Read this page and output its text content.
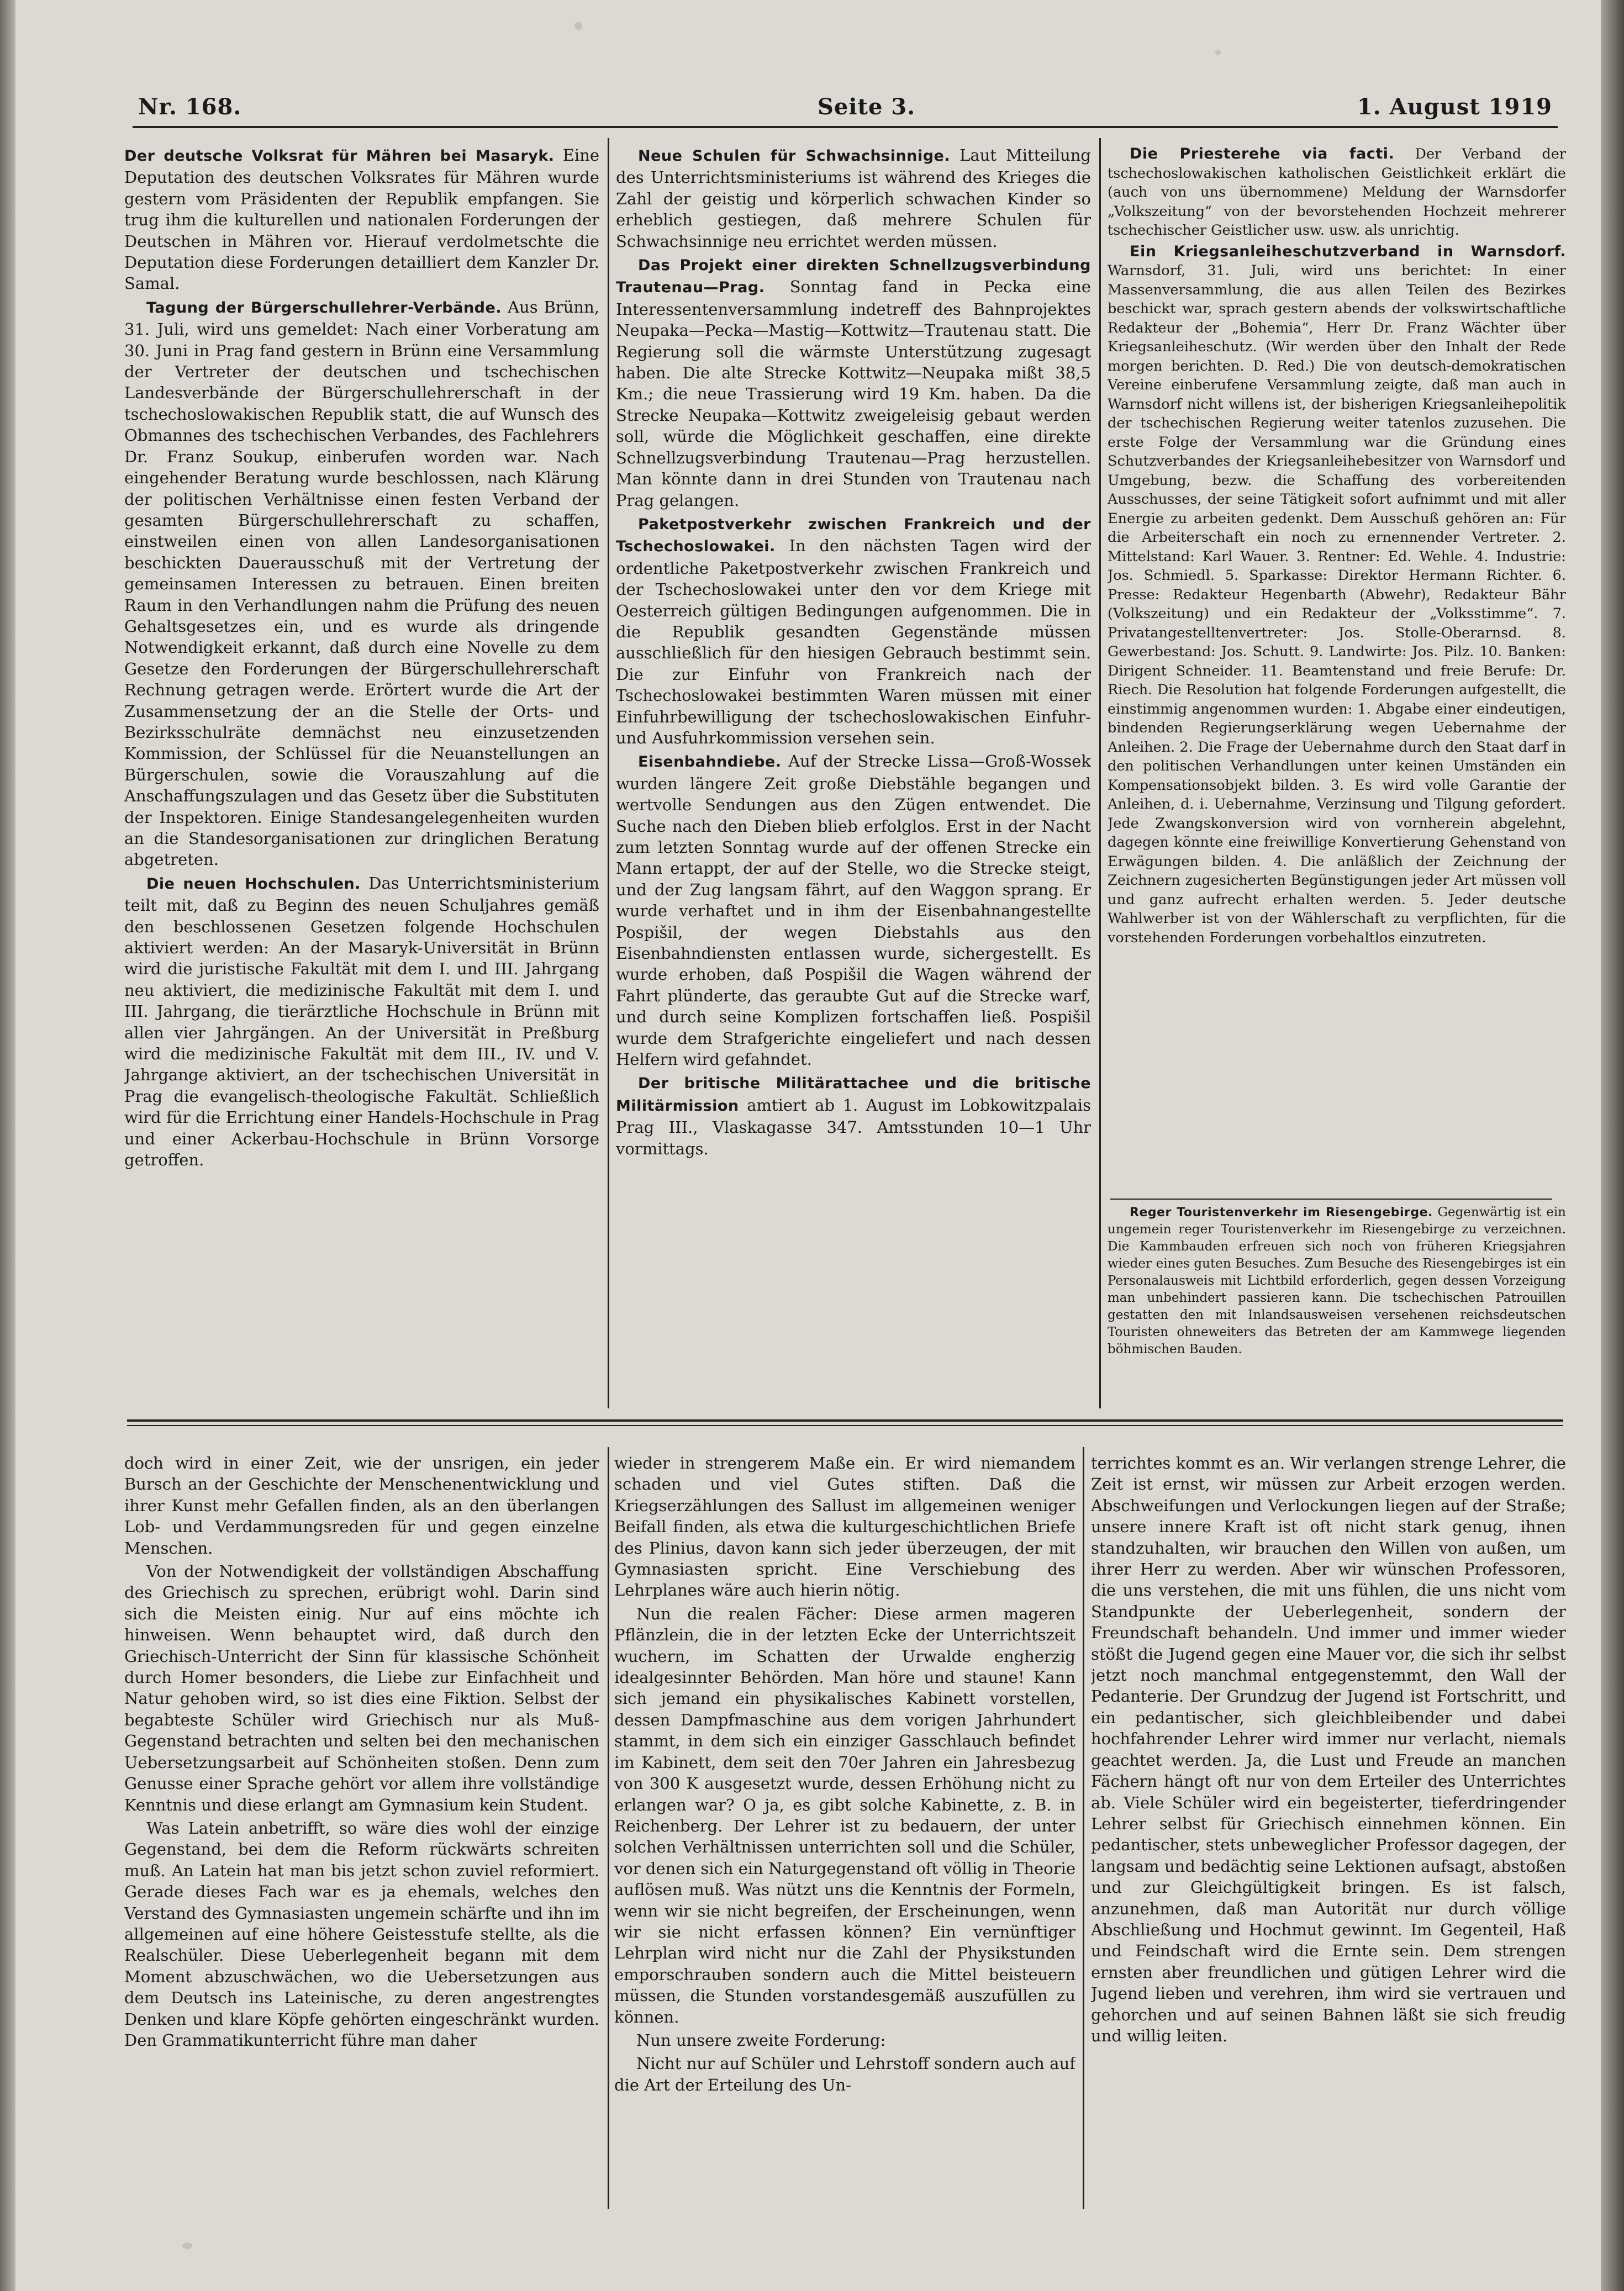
Nr. 168.	Seite 3.	1. August 1919

Der deutsche Volksrat für Mähren bei Masaryk. Eine Deputation des deutschen Volksrates für Mähren wurde gestern vom Präsidenten der Republik empfangen. Sie trug ihm die kulturellen und nationalen Forderungen der Deutschen in Mähren vor. Hierauf verdolmetschte die Deputation diese Forderungen detailliert dem Kanzler Dr. Samal.

Tagung der Bürgerschullehrer-Verbände. Aus Brünn, 31. Juli, wird uns gemeldet: Nach einer Vorberatung am 30. Juni in Prag fand gestern in Brünn eine Versammlung der Vertreter der deutschen und tschechischen Landesverbände der Bürgerschullehrerschaft in der tschechoslowakischen Republik statt, die auf Wunsch des Obmannes des tschechischen Verbandes, des Fachlehrers Dr. Franz Soukup, einberufen worden war. Nach eingehender Beratung wurde beschlossen, nach Klärung der politischen Verhältnisse einen festen Verband der gesamten Bürgerschullehrerschaft zu schaffen, einstweilen einen von allen Landesorganisationen beschickten Dauerausschuß mit der Vertretung der gemeinsamen Interessen zu betrauen. Einen breiten Raum in den Verhandlungen nahm die Prüfung des neuen Gehaltsgesetzes ein, und es wurde als dringende Notwendigkeit erkannt, daß durch eine Novelle zu dem Gesetze den Forderungen der Bürgerschullehrerschaft Rechnung getragen werde. Erörtert wurde die Art der Zusammensetzung der an die Stelle der Orts- und Bezirksschulräte demnächst neu einzusetzenden Kommission, der Schlüssel für die Neuanstellungen an Bürgerschulen, sowie die Vorauszahlung auf die Anschaffungszulagen und das Gesetz über die Substituten der Inspektoren. Einige Standesangelegenheiten wurden an die Standesorganisationen zur dringlichen Beratung abgetreten.

Die neuen Hochschulen. Das Unterrichtsministerium teilt mit, daß zu Beginn des neuen Schuljahres gemäß den beschlossenen Gesetzen folgende Hochschulen aktiviert werden: An der Masaryk-Universität in Brünn wird die juristische Fakultät mit dem I. und III. Jahrgang neu aktiviert, die medizinische Fakultät mit dem I. und III. Jahrgang, die tierärztliche Hochschule in Brünn mit allen vier Jahrgängen. An der Universität in Preßburg wird die medizinische Fakultät mit dem III., IV. und V. Jahrgange aktiviert, an der tschechischen Universität in Prag die evangelisch-theologische Fakultät. Schließlich wird für die Errichtung einer Handels-Hochschule in Prag und einer Ackerbau-Hochschule in Brünn Vorsorge getroffen.

Neue Schulen für Schwachsinnige. Laut Mitteilung des Unterrichtsministeriums ist während des Krieges die Zahl der geistig und körperlich schwachen Kinder so erheblich gestiegen, daß mehrere Schulen für Schwachsinnige neu errichtet werden müssen.

Das Projekt einer direkten Schnellzugsverbindung Trautenau—Prag. Sonntag fand in Pecka eine Interessentenversammlung indetreff des Bahnprojektes Neupaka—Pecka—Mastig—Kottwitz—Trautenau statt. Die Regierung soll die wärmste Unterstützung zugesagt haben. Die alte Strecke Kottwitz—Neupaka mißt 38,5 Km.; die neue Trassierung wird 19 Km. haben. Da die Strecke Neupaka—Kottwitz zweigeleisig gebaut werden soll, würde die Möglichkeit geschaffen, eine direkte Schnellzugsverbindung Trautenau—Prag herzustellen. Man könnte dann in drei Stunden von Trautenau nach Prag gelangen.

Paketpostverkehr zwischen Frankreich und der Tschechoslowakei. In den nächsten Tagen wird der ordentliche Paketpostverkehr zwischen Frankreich und der Tschechoslowakei unter den vor dem Kriege mit Oesterreich gültigen Bedingungen aufgenommen. Die in die Republik gesandten Gegenstände müssen ausschließlich für den hiesigen Gebrauch bestimmt sein. Die zur Einfuhr von Frankreich nach der Tschechoslowakei bestimmten Waren müssen mit einer Einfuhrbewilligung der tschechoslowakischen Einfuhr- und Ausfuhrkommission versehen sein.

Eisenbahndiebe. Auf der Strecke Lissa—Groß-Wossek wurden längere Zeit große Diebstähle begangen und wertvolle Sendungen aus den Zügen entwendet. Die Suche nach den Dieben blieb erfolglos. Erst in der Nacht zum letzten Sonntag wurde auf der offenen Strecke ein Mann ertappt, der auf der Stelle, wo die Strecke steigt, und der Zug langsam fährt, auf den Waggon sprang. Er wurde verhaftet und in ihm der Eisenbahnangestellte Pospišil, der wegen Diebstahls aus den Eisenbahndiensten entlassen wurde, sichergestellt. Es wurde erhoben, daß Pospišil die Wagen während der Fahrt plünderte, das geraubte Gut auf die Strecke warf, und durch seine Komplizen fortschaffen ließ. Pospišil wurde dem Strafgerichte eingeliefert und nach dessen Helfern wird gefahndet.

Der britische Militärattachee und die britische Militärmission amtiert ab 1. August im Lobkowitzpalais Prag III., Vlaskagasse 347. Amtsstunden 10—1 Uhr vormittags.

Die Priesterehe via facti. Der Verband der tschechoslowakischen katholischen Geistlichkeit erklärt die (auch von uns übernommene) Meldung der Warnsdorfer „Volkszeitung“ von der bevorstehenden Hochzeit mehrerer tschechischer Geistlicher usw. usw. als unrichtig.

Ein Kriegsanleiheschutzverband in Warnsdorf. Warnsdorf, 31. Juli, wird uns berichtet: In einer Massenversammlung, die aus allen Teilen des Bezirkes beschickt war, sprach gestern abends der volkswirtschaftliche Redakteur der „Bohemia“, Herr Dr. Franz Wächter über Kriegsanleiheschutz. (Wir werden über den Inhalt der Rede morgen berichten. D. Red.) Die von deutsch-demokratischen Vereine einberufene Versammlung zeigte, daß man auch in Warnsdorf nicht willens ist, der bisherigen Kriegsanleihepolitik der tschechischen Regierung weiter tatenlos zuzusehen. Die erste Folge der Versammlung war die Gründung eines Schutzverbandes der Kriegsanleihebesitzer von Warnsdorf und Umgebung, bezw. die Schaffung des vorbereitenden Ausschusses, der seine Tätigkeit sofort aufnimmt und mit aller Energie zu arbeiten gedenkt. Dem Ausschuß gehören an: Für die Arbeiterschaft ein noch zu ernennender Vertreter. 2. Mittelstand: Karl Wauer. 3. Rentner: Ed. Wehle. 4. Industrie: Jos. Schmiedl. 5. Sparkasse: Direktor Hermann Richter. 6. Presse: Redakteur Hegenbarth (Abwehr), Redakteur Bähr (Volkszeitung) und ein Redakteur der „Volksstimme“. 7. Privatangestelltenvertreter: Jos. Stolle-Oberarnsd. 8. Gewerbestand: Jos. Schutt. 9. Landwirte: Jos. Pilz. 10. Banken: Dirigent Schneider. 11. Beamtenstand und freie Berufe: Dr. Riech. Die Resolution hat folgende Forderungen aufgestellt, die einstimmig angenommen wurden: 1. Abgabe einer eindeutigen, bindenden Regierungserklärung wegen Uebernahme der Anleihen. 2. Die Frage der Uebernahme durch den Staat darf in den politischen Verhandlungen unter keinen Umständen ein Kompensationsobjekt bilden. 3. Es wird volle Garantie der Anleihen, d. i. Uebernahme, Verzinsung und Tilgung gefordert. Jede Zwangskonversion wird von vornherein abgelehnt, dagegen könnte eine freiwillige Konvertierung Gehenstand von Erwägungen bilden. 4. Die anläßlich der Zeichnung der Zeichnern zugesicherten Begünstigungen jeder Art müssen voll und ganz aufrecht erhalten werden. 5. Jeder deutsche Wahlwerber ist von der Wählerschaft zu verpflichten, für die vorstehenden Forderungen vorbehaltlos einzutreten.

Reger Touristenverkehr im Riesengebirge. Gegenwärtig ist ein ungemein reger Touristenverkehr im Riesengebirge zu verzeichnen. Die Kammbauden erfreuen sich noch von früheren Kriegsjahren wieder eines guten Besuches. Zum Besuche des Riesengebirges ist ein Personalausweis mit Lichtbild erforderlich, gegen dessen Vorzeigung man unbehindert passieren kann. Die tschechischen Patrouillen gestatten den mit Inlandsausweisen versehenen reichsdeutschen Touristen ohneweiters das Betreten der am Kammwege liegenden böhmischen Bauden.

doch wird in einer Zeit, wie der unsrigen, ein jeder Bursch an der Geschichte der Menschenentwicklung und ihrer Kunst mehr Gefallen finden, als an den überlangen Lob- und Verdammungsreden für und gegen einzelne Menschen.

Von der Notwendigkeit der vollständigen Abschaffung des Griechisch zu sprechen, erübrigt wohl. Darin sind sich die Meisten einig. Nur auf eins möchte ich hinweisen. Wenn behauptet wird, daß durch den Griechisch-Unterricht der Sinn für klassische Schönheit durch Homer besonders, die Liebe zur Einfachheit und Natur gehoben wird, so ist dies eine Fiktion. Selbst der begabteste Schüler wird Griechisch nur als Muß-Gegenstand betrachten und selten bei den mechanischen Uebersetzungsarbeit auf Schönheiten stoßen. Denn zum Genusse einer Sprache gehört vor allem ihre vollständige Kenntnis und diese erlangt am Gymnasium kein Student.

Was Latein anbetrifft, so wäre dies wohl der einzige Gegenstand, bei dem die Reform rückwärts schreiten muß. An Latein hat man bis jetzt schon zuviel reformiert. Gerade dieses Fach war es ja ehemals, welches den Verstand des Gymnasiasten ungemein schärfte und ihn im allgemeinen auf eine höhere Geistesstufe stellte, als die Realschüler. Diese Ueberlegenheit begann mit dem Moment abzuschwächen, wo die Uebersetzungen aus dem Deutsch ins Lateinische, zu deren angestrengtes Denken und klare Köpfe gehörten eingeschränkt wurden. Den Grammatikunterricht führe man daher

wieder in strengerem Maße ein. Er wird niemandem schaden und viel Gutes stiften. Daß die Kriegserzählungen des Sallust im allgemeinen weniger Beifall finden, als etwa die kulturgeschichtlichen Briefe des Plinius, davon kann sich jeder überzeugen, der mit Gymnasiasten spricht. Eine Verschiebung des Lehrplanes wäre auch hierin nötig.

Nun die realen Fächer: Diese armen mageren Pflänzlein, die in der letzten Ecke der Unterrichtszeit wuchern, im Schatten der Urwalde engherzig idealgesinnter Behörden. Man höre und staune! Kann sich jemand ein physikalisches Kabinett vorstellen, dessen Dampfmaschine aus dem vorigen Jahrhundert stammt, in dem sich ein einziger Gasschlauch befindet im Kabinett, dem seit den 70er Jahren ein Jahresbezug von 300 K ausgesetzt wurde, dessen Erhöhung nicht zu erlangen war? O ja, es gibt solche Kabinette, z. B. in Reichenberg. Der Lehrer ist zu bedauern, der unter solchen Verhältnissen unterrichten soll und die Schüler, vor denen sich ein Naturgegenstand oft völlig in Theorie auflösen muß. Was nützt uns die Kenntnis der Formeln, wenn wir sie nicht begreifen, der Erscheinungen, wenn wir sie nicht erfassen können? Ein vernünftiger Lehrplan wird nicht nur die Zahl der Physikstunden emporschrauben sondern auch die Mittel beisteuern müssen, die Stunden vorstandesgemäß auszufüllen zu können.

Nun unsere zweite Forderung:

Nicht nur auf Schüler und Lehrstoff sondern auch auf die Art der Erteilung des Un-

terrichtes kommt es an. Wir verlangen strenge Lehrer, die Zeit ist ernst, wir müssen zur Arbeit erzogen werden. Abschweifungen und Verlockungen liegen auf der Straße; unsere innere Kraft ist oft nicht stark genug, ihnen standzuhalten, wir brauchen den Willen von außen, um ihrer Herr zu werden. Aber wir wünschen Professoren, die uns verstehen, die mit uns fühlen, die uns nicht vom Standpunkte der Ueberlegenheit, sondern der Freundschaft behandeln. Und immer und immer wieder stößt die Jugend gegen eine Mauer vor, die sich ihr selbst jetzt noch manchmal entgegenstemmt, den Wall der Pedanterie. Der Grundzug der Jugend ist Fortschritt, und ein pedantischer, sich gleichbleibender und dabei hochfahrender Lehrer wird immer nur verlacht, niemals geachtet werden. Ja, die Lust und Freude an manchen Fächern hängt oft nur von dem Erteiler des Unterrichtes ab. Viele Schüler wird ein begeisterter, tieferdringender Lehrer selbst für Griechisch einnehmen können. Ein pedantischer, stets unbeweglicher Professor dagegen, der langsam und bedächtig seine Lektionen aufsagt, abstoßen und zur Gleichgültigkeit bringen. Es ist falsch, anzunehmen, daß man Autorität nur durch völlige Abschließung und Hochmut gewinnt. Im Gegenteil, Haß und Feindschaft wird die Ernte sein. Dem strengen ernsten aber freundlichen und gütigen Lehrer wird die Jugend lieben und verehren, ihm wird sie vertrauen und gehorchen und auf seinen Bahnen läßt sie sich freudig und willig leiten.
